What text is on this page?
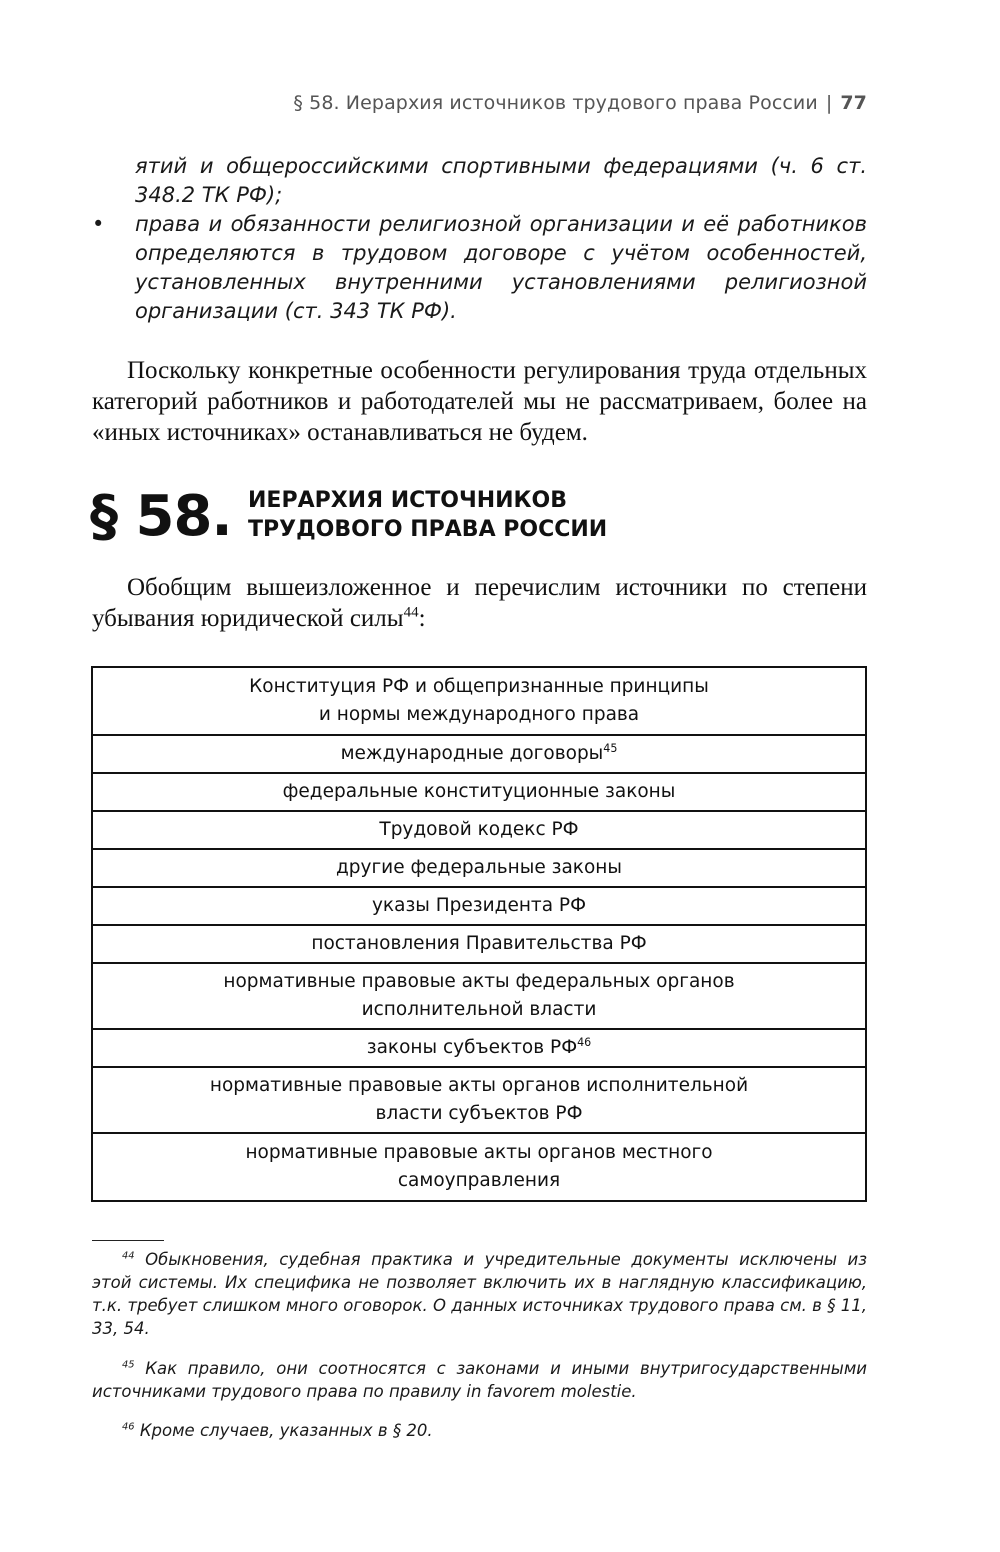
§ 58. Иерархия источников трудового права России | 77
ятий и общероссийскими спортивными федерациями (ч. 6 ст. 348.2 ТК РФ);
• права и обязанности религиозной организации и её работников определяются в трудовом договоре с учётом особенностей, установленных внутренними установлениями религиозной организации (ст. 343 ТК РФ).

Поскольку конкретные особенности регулирования труда отдельных категорий работников и работодателей мы не рассматриваем, более на «иных источниках» останавливаться не будем.

§ 58. ИЕРАРХИЯ ИСТОЧНИКОВ
ТРУДОВОГО ПРАВА РОССИИ

Обобщим вышеизложенное и перечислим источники по степени убывания юридической силы$^{44}$:

Конституция РФ и общепризнанные принципы
и нормы международного права
международные договоры$^{45}$
федеральные конституционные законы
Трудовой кодекс РФ
другие федеральные законы
указы Президента РФ
постановления Правительства РФ
нормативные правовые акты федеральных органов
исполнительной власти
законы субъектов РФ$^{46}$
нормативные правовые акты органов исполнительной
власти субъектов РФ
нормативные правовые акты органов местного
самоуправления

$^{44}$ Обыкновения, судебная практика и учредительные документы исключены из этой системы. Их специфика не позволяет включить их в наглядную классификацию, т.к. требует слишком много оговорок. О данных источниках трудового права см. в § 11, 33, 54.

$^{45}$ Как правило, они соотносятся с законами и иными внутригосударственными источниками трудового права по правилу in favorem molestie.

$^{46}$ Кроме случаев, указанных в § 20.
